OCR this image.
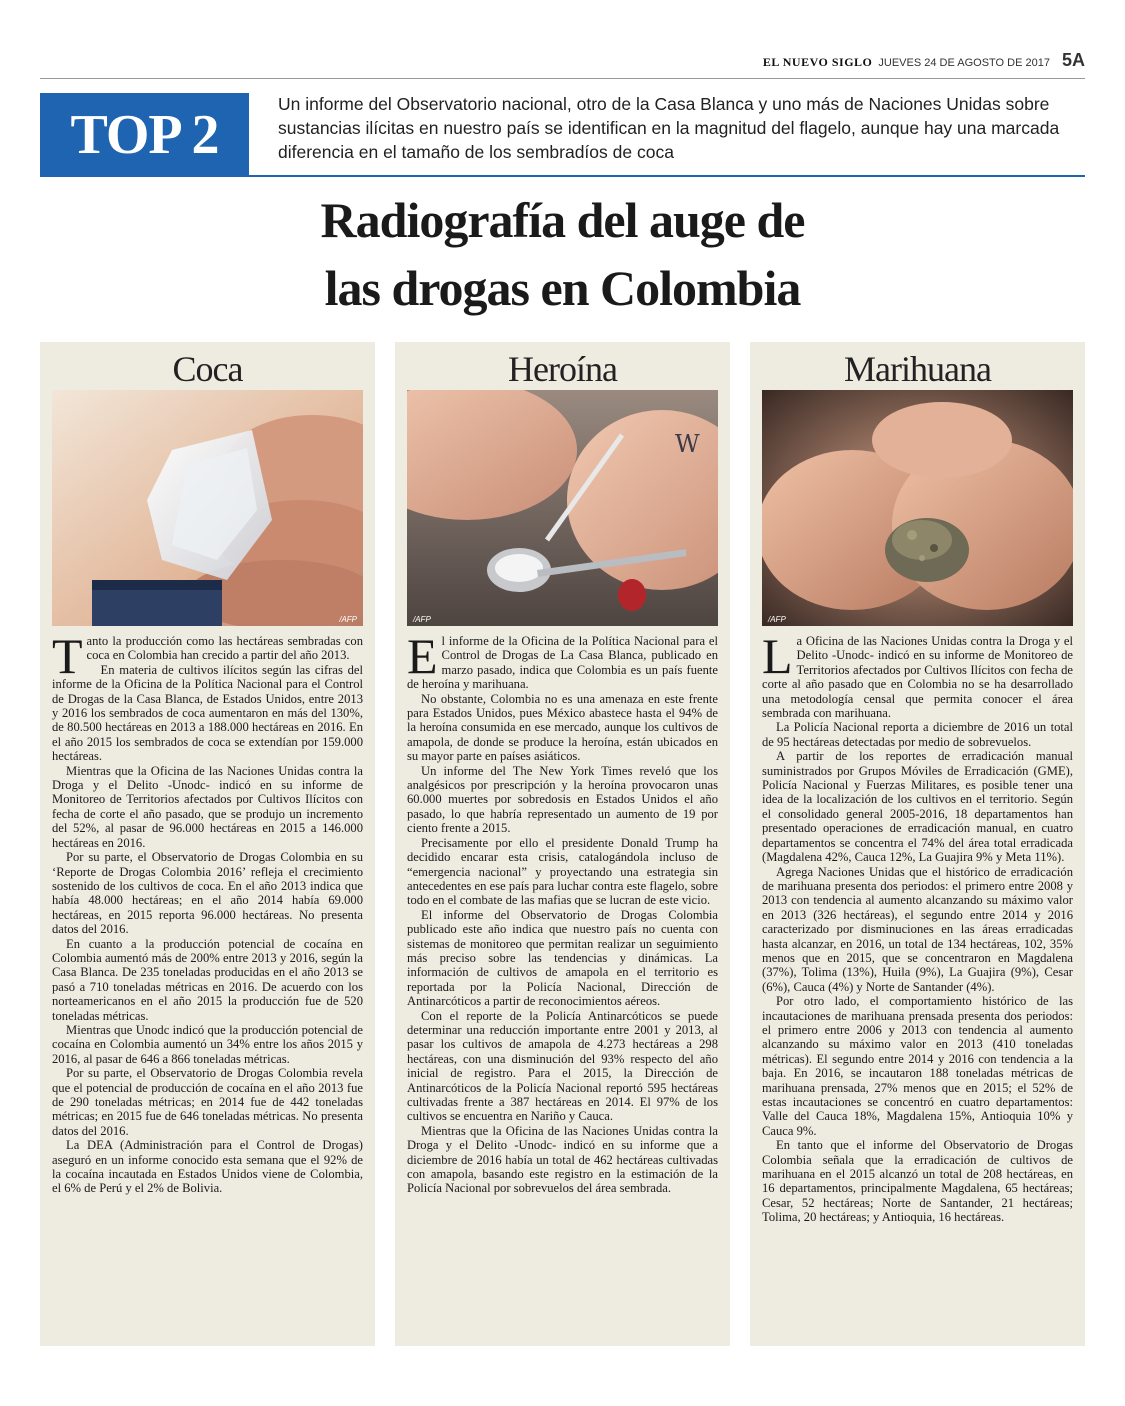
EL NUEVO SIGLO JUEVES 24 DE AGOSTO DE 2017 5A
TOP 2	Un informe del Observatorio nacional, otro de la Casa Blanca y uno más de Naciones Unidas sobre sustancias ilícitas en nuestro país se identifican en la magnitud del flagelo, aunque hay una marcada diferencia en el tamaño de los sembradíos de coca
Radiografía del auge de
las drogas en Colombia
Coca
/AFP

Tanto la producción como las hectáreas sembradas con coca en Colombia han crecido a partir del año 2013.

En materia de cultivos ilícitos según las cifras del informe de la Oficina de la Política Nacional para el Control de Drogas de la Casa Blanca, de Estados Unidos, entre 2013 y 2016 los sembrados de coca aumentaron en más del 130%, de 80.500 hectáreas en 2013 a 188.000 hectáreas en 2016. En el año 2015 los sembrados de coca se extendían por 159.000 hectáreas.

Mientras que la Oficina de las Naciones Unidas contra la Droga y el Delito -Unodc- indicó en su informe de Monitoreo de Territorios afectados por Cultivos Ilícitos con fecha de corte el año pasado, que se produjo un incremento del 52%, al pasar de 96.000 hectáreas en 2015 a 146.000 hectáreas en 2016.

Por su parte, el Observatorio de Drogas Colombia en su ‘Reporte de Drogas Colombia 2016’ refleja el crecimiento sostenido de los cultivos de coca. En el año 2013 indica que había 48.000 hectáreas; en el año 2014 había 69.000 hectáreas, en 2015 reporta 96.000 hectáreas. No presenta datos del 2016.

En cuanto a la producción potencial de cocaína en Colombia aumentó más de 200% entre 2013 y 2016, según la Casa Blanca. De 235 toneladas producidas en el año 2013 se pasó a 710 toneladas métricas en 2016. De acuerdo con los norteamericanos en el año 2015 la producción fue de 520 toneladas métricas.

Mientras que Unodc indicó que la producción potencial de cocaína en Colombia aumentó un 34% entre los años 2015 y 2016, al pasar de 646 a 866 toneladas métricas.

Por su parte, el Observatorio de Drogas Colombia revela que el potencial de producción de cocaína en el año 2013 fue de 290 toneladas métricas; en 2014 fue de 442 toneladas métricas; en 2015 fue de 646 toneladas métricas. No presenta datos del 2016.

La DEA (Administración para el Control de Drogas) aseguró en un informe conocido esta semana que el 92% de la cocaína incautada en Estados Unidos viene de Colombia, el 6% de Perú y el 2% de Bolivia.

Heroína
W
/AFP

El informe de la Oficina de la Política Nacional para el Control de Drogas de La Casa Blanca, publicado en marzo pasado, indica que Colombia es un país fuente de heroína y marihuana.

No obstante, Colombia no es una amenaza en este frente para Estados Unidos, pues México abastece hasta el 94% de la heroína consumida en ese mercado, aunque los cultivos de amapola, de donde se produce la heroína, están ubicados en su mayor parte en países asiáticos.

Un informe del The New York Times reveló que los analgésicos por prescripción y la heroína provocaron unas 60.000 muertes por sobredosis en Estados Unidos el año pasado, lo que habría representado un aumento de 19 por ciento frente a 2015.

Precisamente por ello el presidente Donald Trump ha decidido encarar esta crisis, catalogándola incluso de “emergencia nacional” y proyectando una estrategia sin antecedentes en ese país para luchar contra este flagelo, sobre todo en el combate de las mafias que se lucran de este vicio.

El informe del Observatorio de Drogas Colombia publicado este año indica que nuestro país no cuenta con sistemas de monitoreo que permitan realizar un seguimiento más preciso sobre las tendencias y dinámicas. La información de cultivos de amapola en el territorio es reportada por la Policía Nacional, Dirección de Antinarcóticos a partir de reconocimientos aéreos.

Con el reporte de la Policía Antinarcóticos se puede determinar una reducción importante entre 2001 y 2013, al pasar los cultivos de amapola de 4.273 hectáreas a 298 hectáreas, con una disminución del 93% respecto del año inicial de registro. Para el 2015, la Dirección de Antinarcóticos de la Policía Nacional reportó 595 hectáreas cultivadas frente a 387 hectáreas en 2014. El 97% de los cultivos se encuentra en Nariño y Cauca.

Mientras que la Oficina de las Naciones Unidas contra la Droga y el Delito -Unodc- indicó en su informe que a diciembre de 2016 había un total de 462 hectáreas cultivadas con amapola, basando este registro en la estimación de la Policía Nacional por sobrevuelos del área sembrada.

Marihuana
/AFP

La Oficina de las Naciones Unidas contra la Droga y el Delito -Unodc- indicó en su informe de Monitoreo de Territorios afectados por Cultivos Ilícitos con fecha de corte al año pasado que en Colombia no se ha desarrollado una metodología censal que permita conocer el área sembrada con marihuana.

La Policía Nacional reporta a diciembre de 2016 un total de 95 hectáreas detectadas por medio de sobrevuelos.

A partir de los reportes de erradicación manual suministrados por Grupos Móviles de Erradicación (GME), Policía Nacional y Fuerzas Militares, es posible tener una idea de la localización de los cultivos en el territorio. Según el consolidado general 2005-2016, 18 departamentos han presentado operaciones de erradicación manual, en cuatro departamentos se concentra el 74% del área total erradicada (Magdalena 42%, Cauca 12%, La Guajira 9% y Meta 11%).

Agrega Naciones Unidas que el histórico de erradicación de marihuana presenta dos periodos: el primero entre 2008 y 2013 con tendencia al aumento alcanzando su máximo valor en 2013 (326 hectáreas), el segundo entre 2014 y 2016 caracterizado por disminuciones en las áreas erradicadas hasta alcanzar, en 2016, un total de 134 hectáreas, 102, 35% menos que en 2015, que se concentraron en Magdalena (37%), Tolima (13%), Huila (9%), La Guajira (9%), Cesar (6%), Cauca (4%) y Norte de Santander (4%).

Por otro lado, el comportamiento histórico de las incautaciones de marihuana prensada presenta dos periodos: el primero entre 2006 y 2013 con tendencia al aumento alcanzando su máximo valor en 2013 (410 toneladas métricas). El segundo entre 2014 y 2016 con tendencia a la baja. En 2016, se incautaron 188 toneladas métricas de marihuana prensada, 27% menos que en 2015; el 52% de estas incautaciones se concentró en cuatro departamentos: Valle del Cauca 18%, Magdalena 15%, Antioquia 10% y Cauca 9%.

En tanto que el informe del Observatorio de Drogas Colombia señala que la erradicación de cultivos de marihuana en el 2015 alcanzó un total de 208 hectáreas, en 16 departamentos, principalmente Magdalena, 65 hectáreas; Cesar, 52 hectáreas; Norte de Santander, 21 hectáreas; Tolima, 20 hectáreas; y Antioquia, 16 hectáreas.
